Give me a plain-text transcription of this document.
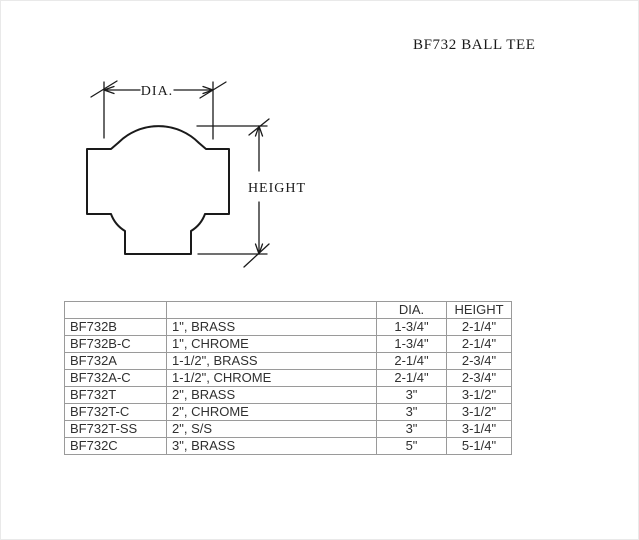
BF732 BALL TEE
DIA.
HEIGHT
		DIA.	HEIGHT
BF732B	1", BRASS	1-3/4"	2-1/4"
BF732B-C	1", CHROME	1-3/4"	2-1/4"
BF732A	1-1/2", BRASS	2-1/4"	2-3/4"
BF732A-C	1-1/2", CHROME	2-1/4"	2-3/4"
BF732T	2", BRASS	3"	3-1/2"
BF732T-C	2", CHROME	3"	3-1/2"
BF732T-SS	2", S/S	3"	3-1/4"
BF732C	3", BRASS	5"	5-1/4"
